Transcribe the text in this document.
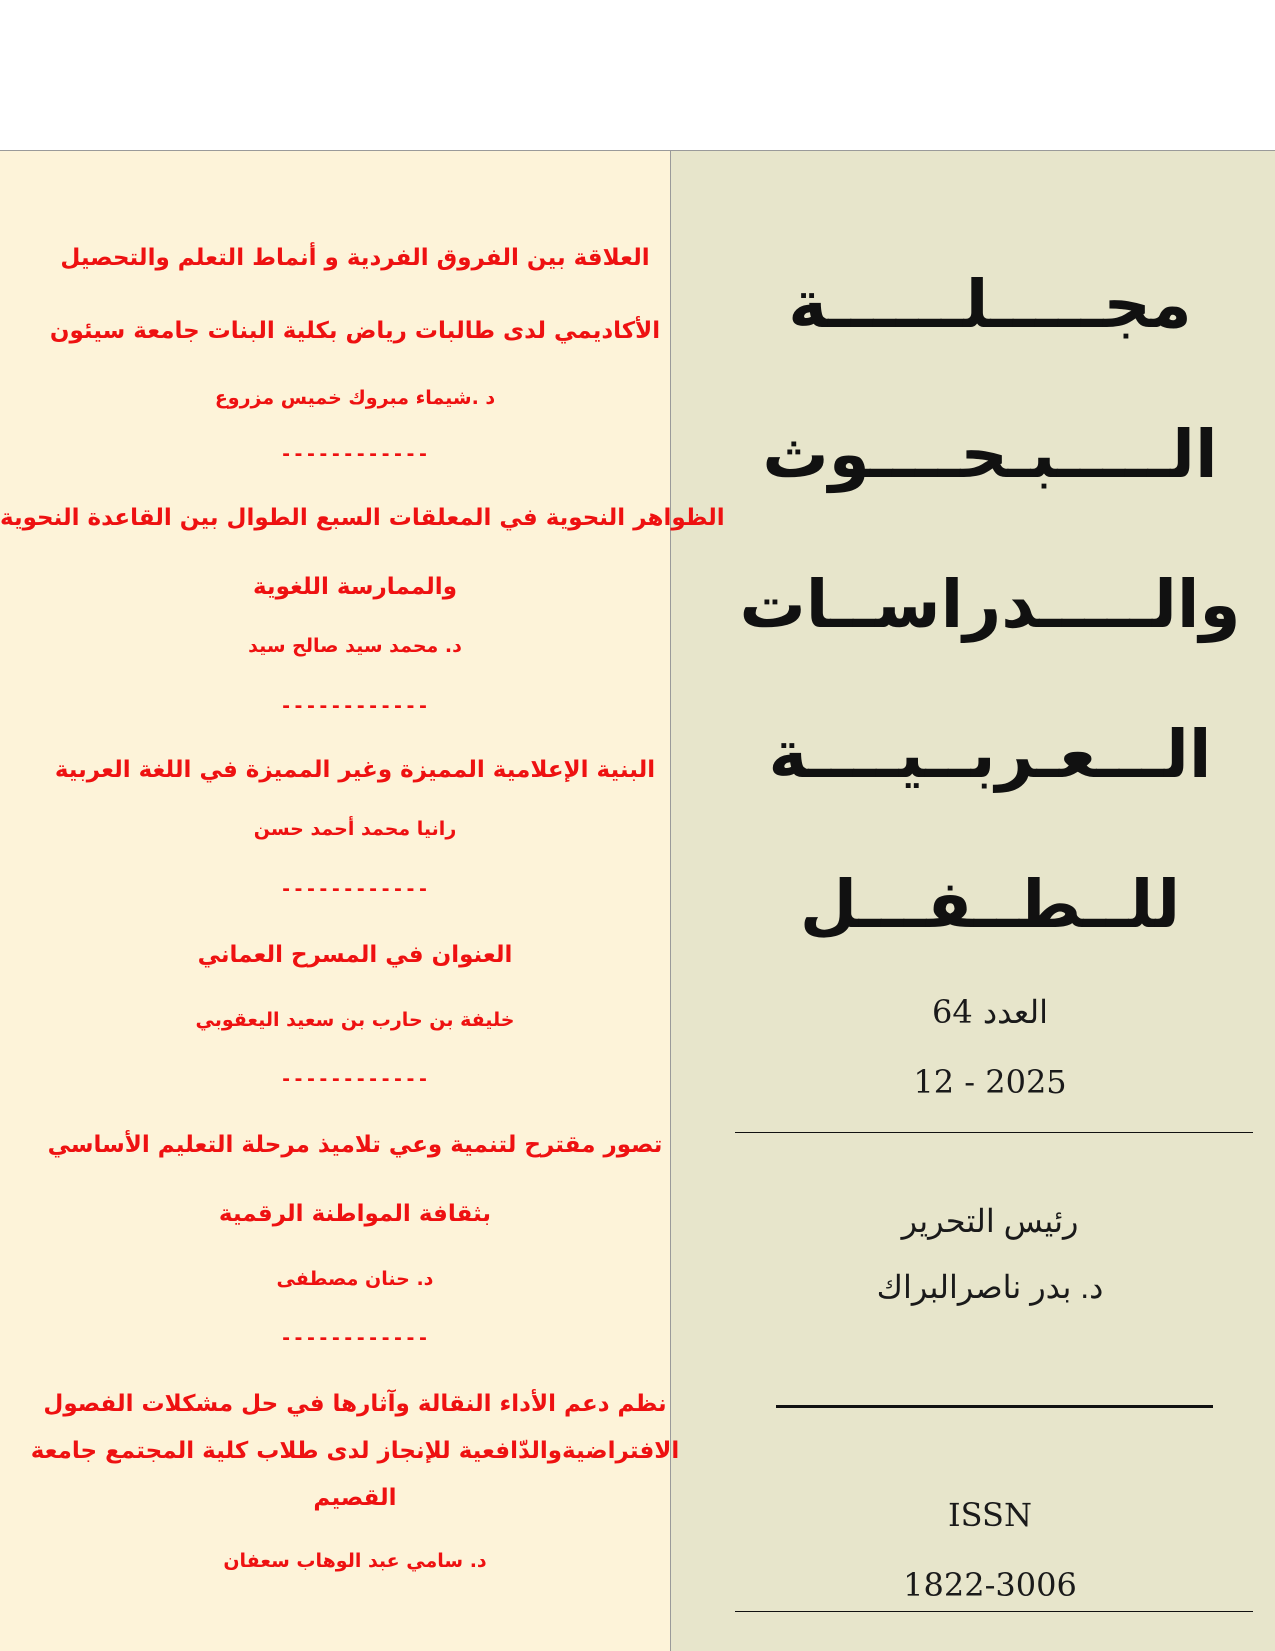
العلاقة بين الفروق الفردية و أنماط التعلم والتحصيل
الأكاديمي لدى طالبات رياض بكلية البنات جامعة سيئون
د .شيماء مبروك خميس مزروع
------------
الظواهر النحوية في المعلقات السبع الطوال بين القاعدة النحوية
والممارسة اللغوية
د. محمد سيد صالح سيد
------------
البنية الإعلامية المميزة وغير المميزة في اللغة العربية
رانيا محمد أحمد حسن
------------
العنوان في المسرح العماني
خليفة بن حارب بن سعيد اليعقوبي
------------
تصور مقترح لتنمية وعي تلاميذ مرحلة التعليم الأساسي
بثقافة المواطنة الرقمية
د. حنان مصطفى
------------
نظم دعم الأداء النقالة وآثارها في حل مشكلات الفصول
الافتراضيةوالدّافعية للإنجاز لدى طلاب كلية المجتمع جامعة
القصيم
د. سامي عبد الوهاب سعفان
مجـــــلــــــة
الـــــبـحــــوث
والـــــدراســات
الـــعـربــيــــة
للــطــفـــل
العدد 64
12 - 2025
رئيس التحرير
د. بدر ناصرالبراك
ISSN
1822-3006
